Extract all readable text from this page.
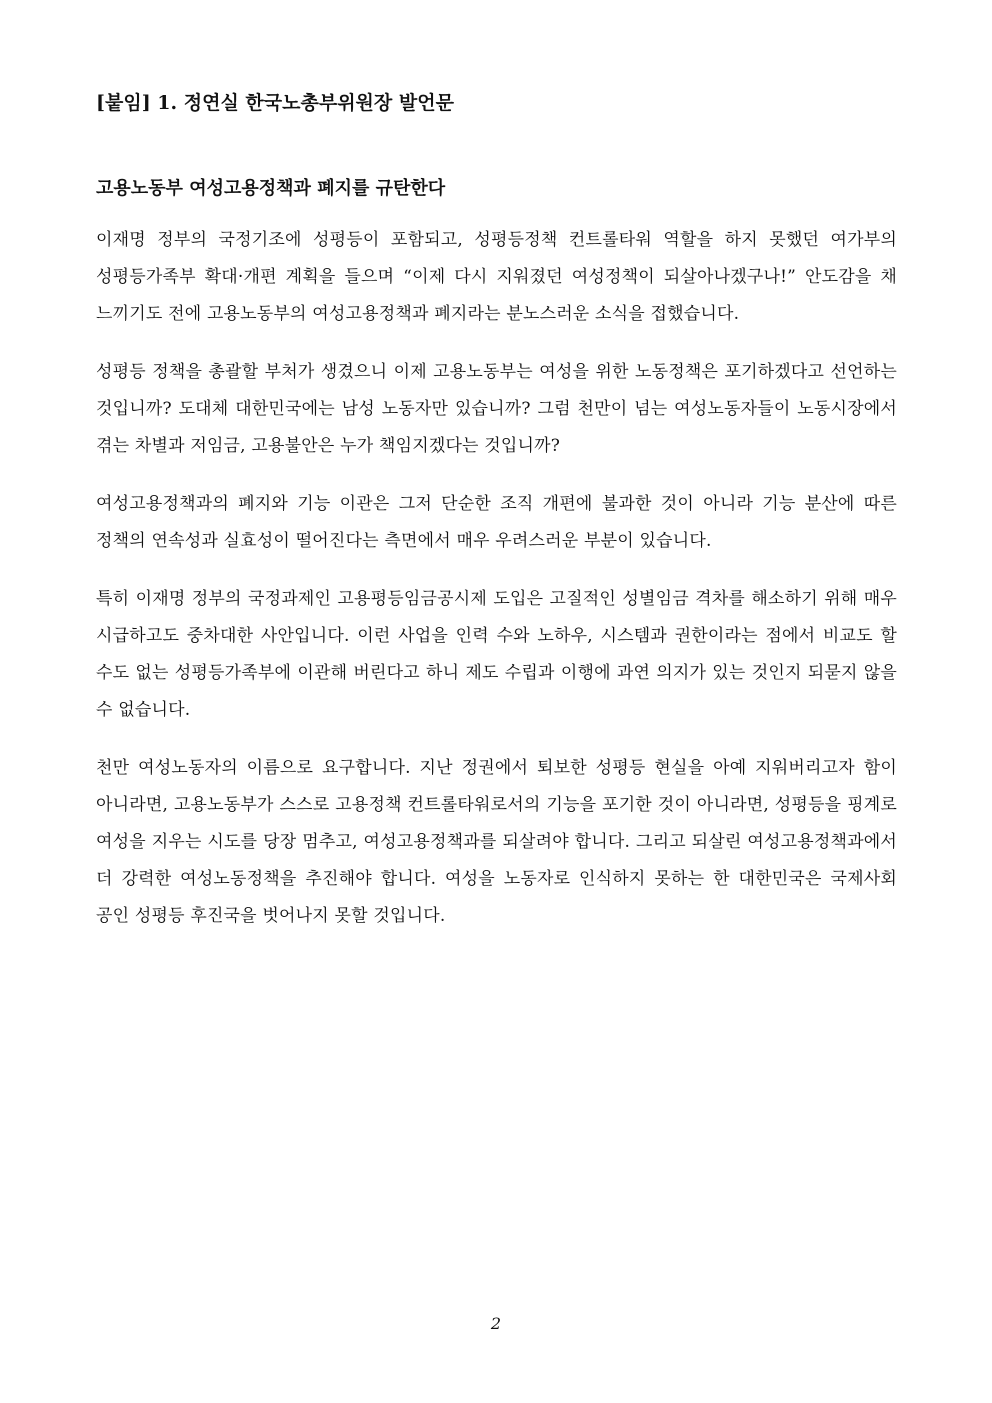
[붙임] 1. 정연실 한국노총부위원장 발언문
고용노동부 여성고용정책과 폐지를 규탄한다

이재명 정부의 국정기조에 성평등이 포함되고, 성평등정책 컨트롤타워 역할을 하지 못했던 여가부의 성평등가족부 확대·개편 계획을 들으며 “이제 다시 지워졌던 여성정책이 되살아나겠구나!” 안도감을 채 느끼기도 전에 고용노동부의 여성고용정책과 폐지라는 분노스러운 소식을 접했습니다.

성평등 정책을 총괄할 부처가 생겼으니 이제 고용노동부는 여성을 위한 노동정책은 포기하겠다고 선언하는 것입니까? 도대체 대한민국에는 남성 노동자만 있습니까? 그럼 천만이 넘는 여성노동자들이 노동시장에서 겪는 차별과 저임금, 고용불안은 누가 책임지겠다는 것입니까?

여성고용정책과의 폐지와 기능 이관은 그저 단순한 조직 개편에 불과한 것이 아니라 기능 분산에 따른 정책의 연속성과 실효성이 떨어진다는 측면에서 매우 우려스러운 부분이 있습니다.

특히 이재명 정부의 국정과제인 고용평등임금공시제 도입은 고질적인 성별임금 격차를 해소하기 위해 매우 시급하고도 중차대한 사안입니다. 이런 사업을 인력 수와 노하우, 시스템과 권한이라는 점에서 비교도 할 수도 없는 성평등가족부에 이관해 버린다고 하니 제도 수립과 이행에 과연 의지가 있는 것인지 되묻지 않을 수 없습니다.

천만 여성노동자의 이름으로 요구합니다. 지난 정권에서 퇴보한 성평등 현실을 아예 지워버리고자 함이 아니라면, 고용노동부가 스스로 고용정책 컨트롤타워로서의 기능을 포기한 것이 아니라면, 성평등을 핑계로 여성을 지우는 시도를 당장 멈추고, 여성고용정책과를 되살려야 합니다. 그리고 되살린 여성고용정책과에서 더 강력한 여성노동정책을 추진해야 합니다. 여성을 노동자로 인식하지 못하는 한 대한민국은 국제사회 공인 성평등 후진국을 벗어나지 못할 것입니다.

2
